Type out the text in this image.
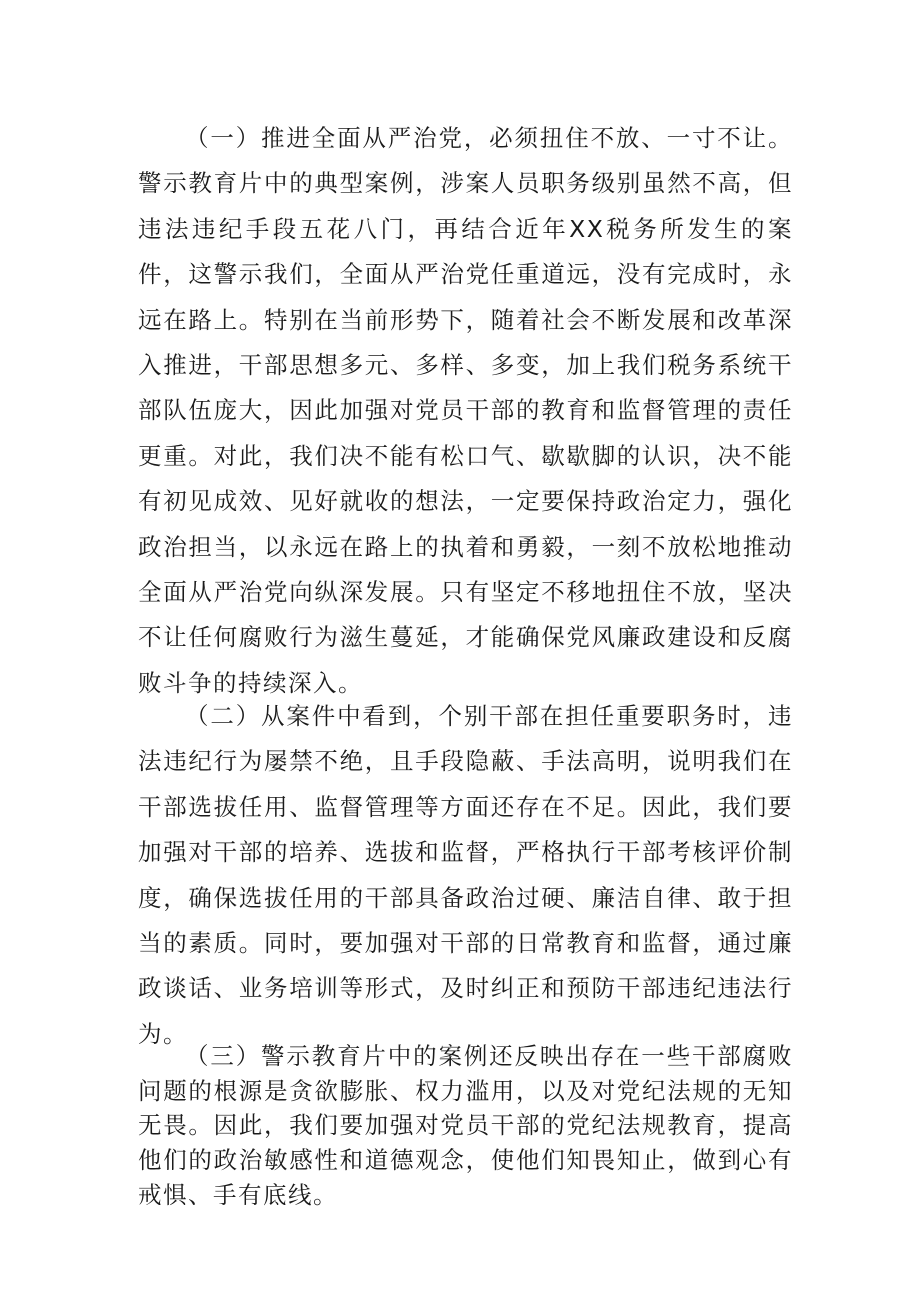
（一）推进全面从严治党，必须扭住不放、一寸不让。警示教育片中的典型案例，涉案人员职务级别虽然不高，但违法违纪手段五花八门，再结合近年XX税务所发生的案件，这警示我们，全面从严治党任重道远，没有完成时，永远在路上。特别在当前形势下，随着社会不断发展和改革深入推进，干部思想多元、多样、多变，加上我们税务系统干部队伍庞大，因此加强对党员干部的教育和监督管理的责任更重。对此，我们决不能有松口气、歇歇脚的认识，决不能有初见成效、见好就收的想法，一定要保持政治定力，强化政治担当，以永远在路上的执着和勇毅，一刻不放松地推动全面从严治党向纵深发展。只有坚定不移地扭住不放，坚决不让任何腐败行为滋生蔓延，才能确保党风廉政建设和反腐败斗争的持续深入。

（二）从案件中看到，个别干部在担任重要职务时，违法违纪行为屡禁不绝，且手段隐蔽、手法高明，说明我们在干部选拔任用、监督管理等方面还存在不足。因此，我们要加强对干部的培养、选拔和监督，严格执行干部考核评价制度，确保选拔任用的干部具备政治过硬、廉洁自律、敢于担当的素质。同时，要加强对干部的日常教育和监督，通过廉政谈话、业务培训等形式，及时纠正和预防干部违纪违法行为。

（三）警示教育片中的案例还反映出存在一些干部腐败问题的根源是贪欲膨胀、权力滥用，以及对党纪法规的无知无畏。因此，我们要加强对党员干部的党纪法规教育，提高他们的政治敏感性和道德观念，使他们知畏知止，做到心有戒惧、手有底线。
